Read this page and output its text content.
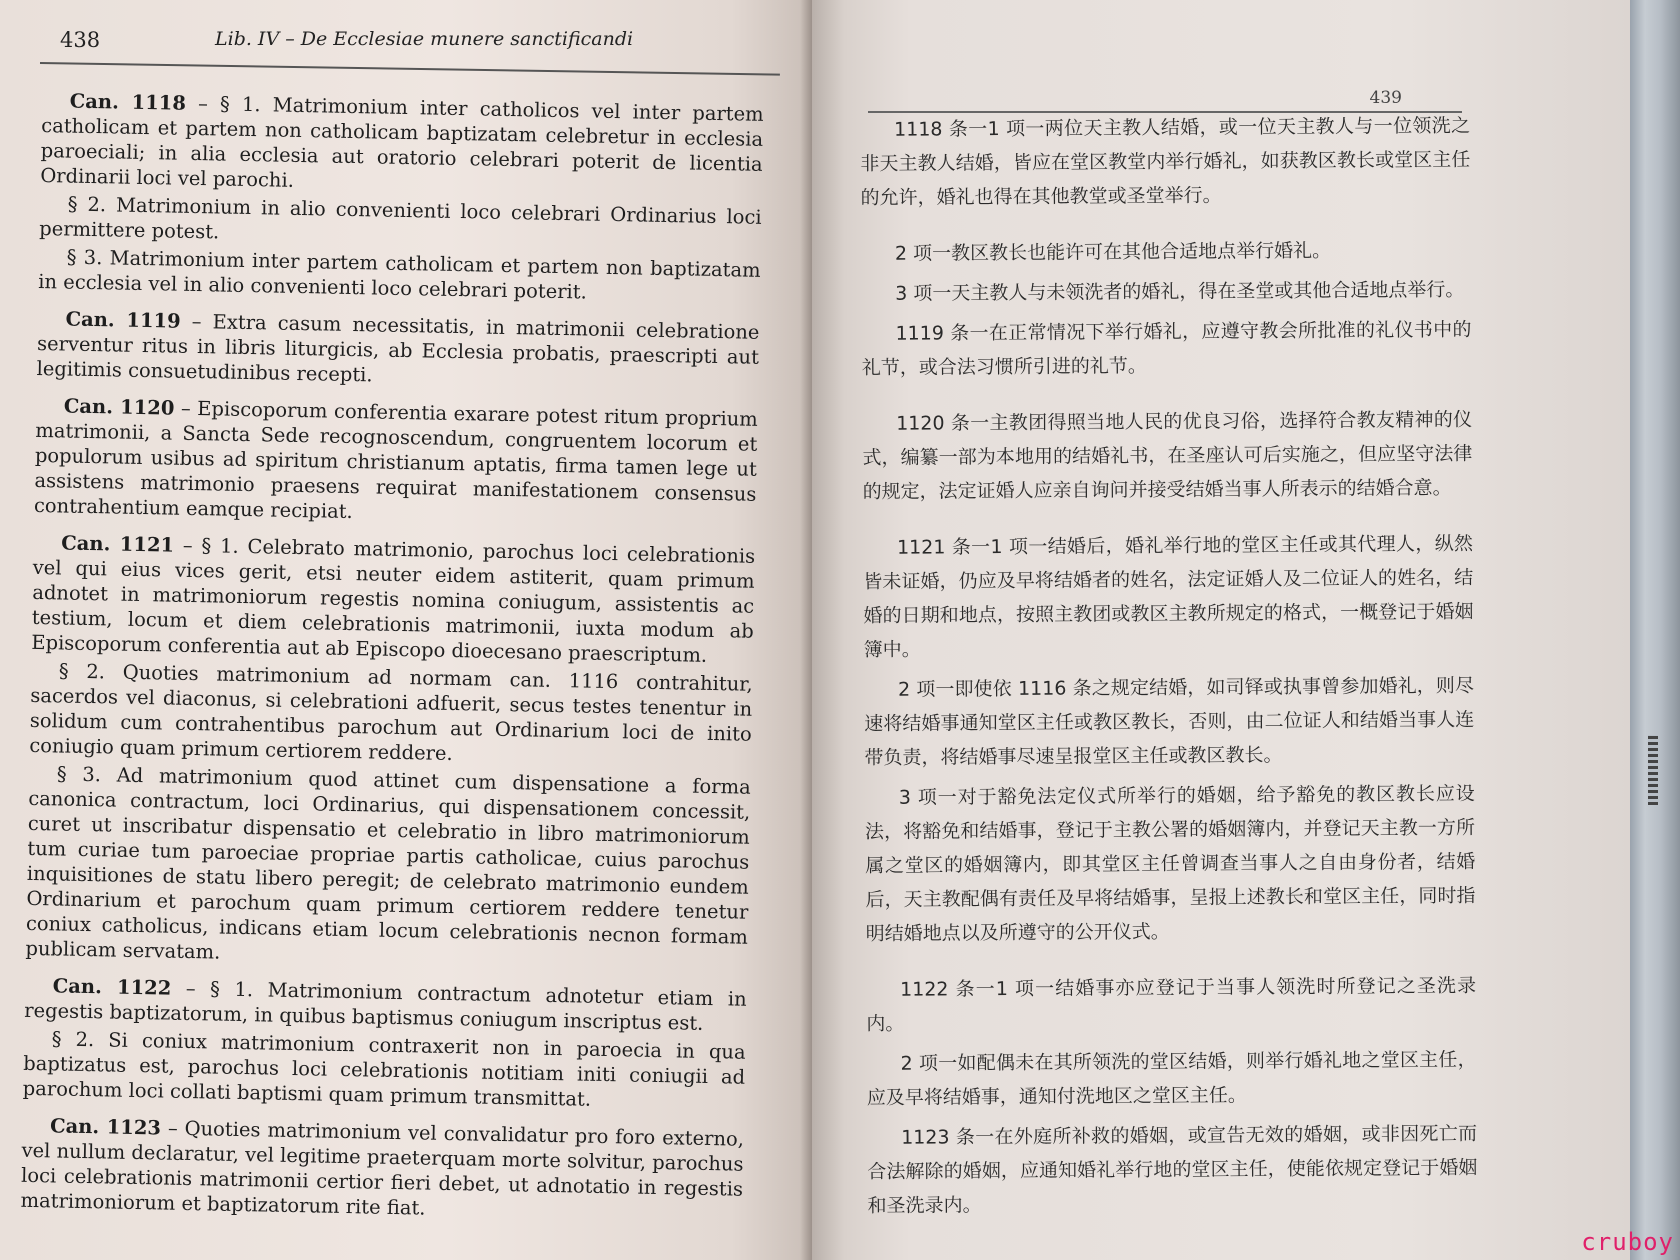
438	Lib. IV – De Ecclesiae munere sanctificandi

Can. 1118 – § 1. Matrimonium inter catholicos vel inter partem catholicam et partem non catholicam baptizatam celebretur in ecclesia paroeciali; in alia ecclesia aut oratorio celebrari poterit de licentia Ordinarii loci vel parochi.

§ 2. Matrimonium in alio convenienti loco celebrari Ordinarius loci permittere potest.

§ 3. Matrimonium inter partem catholicam et partem non baptizatam in ecclesia vel in alio convenienti loco celebrari poterit.

Can. 1119 – Extra casum necessitatis, in matrimonii celebratione serventur ritus in libris liturgicis, ab Ecclesia probatis, praescripti aut legitimis consuetudinibus recepti.

Can. 1120 – Episcoporum conferentia exarare potest ritum proprium matrimonii, a Sancta Sede recognoscendum, congruentem locorum et populorum usibus ad spiritum christianum aptatis, firma tamen lege ut assistens matrimonio praesens requirat manifestationem consensus contrahentium eamque recipiat.

Can. 1121 – § 1. Celebrato matrimonio, parochus loci celebrationis vel qui eius vices gerit, etsi neuter eidem astiterit, quam primum adnotet in matrimoniorum regestis nomina coniugum, assistentis ac testium, locum et diem celebrationis matrimonii, iuxta modum ab Episcoporum conferentia aut ab Episcopo dioecesano praescriptum.

§ 2. Quoties matrimonium ad normam can. 1116 contrahitur, sacerdos vel diaconus, si celebrationi adfuerit, secus testes tenentur in solidum cum contrahentibus parochum aut Ordinarium loci de inito coniugio quam primum certiorem reddere.

§ 3. Ad matrimonium quod attinet cum dispensatione a forma canonica contractum, loci Ordinarius, qui dispensationem concessit, curet ut inscribatur dispensatio et celebratio in libro matrimoniorum tum curiae tum paroeciae propriae partis catholicae, cuius parochus inquisitiones de statu libero peregit; de celebrato matrimonio eundem Ordinarium et parochum quam primum certiorem reddere tenetur coniux catholicus, indicans etiam locum celebrationis necnon formam publicam servatam.

Can. 1122 – § 1. Matrimonium contractum adnotetur etiam in regestis baptizatorum, in quibus baptismus coniugum inscriptus est.

§ 2. Si coniux matrimonium contraxerit non in paroecia in qua baptizatus est, parochus loci celebrationis notitiam initi coniugii ad parochum loci collati baptismi quam primum transmittat.

Can. 1123 – Quoties matrimonium vel convalidatur pro foro externo, vel nullum declaratur, vel legitime praeterquam morte solvitur, parochus loci celebrationis matrimonii certior fieri debet, ut adnotatio in regestis matrimoniorum et baptizatorum rite fiat.

439

1118 条一1 项一两位天主教人结婚，或一位天主教人与一位领洗之非天主教人结婚，皆应在堂区教堂内举行婚礼，如获教区教长或堂区主任的允许，婚礼也得在其他教堂或圣堂举行。

2 项一教区教长也能许可在其他合适地点举行婚礼。

3 项一天主教人与未领洗者的婚礼，得在圣堂或其他合适地点举行。

1119 条一在正常情况下举行婚礼，应遵守教会所批准的礼仪书中的礼节，或合法习惯所引进的礼节。

1120 条一主教团得照当地人民的优良习俗，选择符合教友精神的仪式，编纂一部为本地用的结婚礼书，在圣座认可后实施之，但应坚守法律的规定，法定证婚人应亲自询问并接受结婚当事人所表示的结婚合意。

1121 条一1 项一结婚后，婚礼举行地的堂区主任或其代理人，纵然皆未证婚，仍应及早将结婚者的姓名，法定证婚人及二位证人的姓名，结婚的日期和地点，按照主教团或教区主教所规定的格式，一概登记于婚姻簿中。

2 项一即使依 1116 条之规定结婚，如司铎或执事曾参加婚礼，则尽速将结婚事通知堂区主任或教区教长，否则，由二位证人和结婚当事人连带负责，将结婚事尽速呈报堂区主任或教区教长。

3 项一对于豁免法定仪式所举行的婚姻，给予豁免的教区教长应设法，将豁免和结婚事，登记于主教公署的婚姻簿内，并登记天主教一方所属之堂区的婚姻簿内，即其堂区主任曾调查当事人之自由身份者，结婚后，天主教配偶有责任及早将结婚事，呈报上述教长和堂区主任，同时指明结婚地点以及所遵守的公开仪式。

1122 条一1 项一结婚事亦应登记于当事人领洗时所登记之圣洗录内。

2 项一如配偶未在其所领洗的堂区结婚，则举行婚礼地之堂区主任，应及早将结婚事，通知付洗地区之堂区主任。

1123 条一在外庭所补救的婚姻，或宣告无效的婚姻，或非因死亡而合法解除的婚姻，应通知婚礼举行地的堂区主任，使能依规定登记于婚姻和圣洗录内。

cruboy
